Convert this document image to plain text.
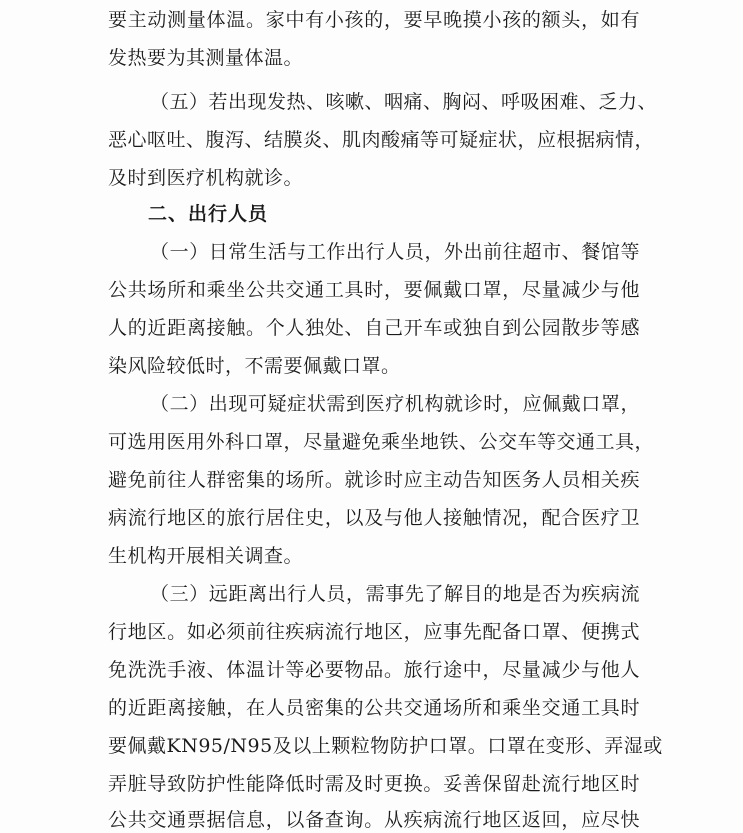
要主动测量体温。家中有小孩的，要早晚摸小孩的额头，如有
发热要为其测量体温。
（五）若出现发热、咳嗽、咽痛、胸闷、呼吸困难、乏力、
恶心呕吐、腹泻、结膜炎、肌肉酸痛等可疑症状，应根据病情，
及时到医疗机构就诊。
二、出行人员
（一）日常生活与工作出行人员，外出前往超市、餐馆等
公共场所和乘坐公共交通工具时，要佩戴口罩，尽量减少与他
人的近距离接触。个人独处、自己开车或独自到公园散步等感
染风险较低时，不需要佩戴口罩。
（二）出现可疑症状需到医疗机构就诊时，应佩戴口罩，
可选用医用外科口罩，尽量避免乘坐地铁、公交车等交通工具，
避免前往人群密集的场所。就诊时应主动告知医务人员相关疾
病流行地区的旅行居住史，以及与他人接触情况，配合医疗卫
生机构开展相关调查。
（三）远距离出行人员，需事先了解目的地是否为疾病流
行地区。如必须前往疾病流行地区，应事先配备口罩、便携式
免洗洗手液、体温计等必要物品。旅行途中，尽量减少与他人
的近距离接触，在人员密集的公共交通场所和乘坐交通工具时
要佩戴KN95/N95及以上颗粒物防护口罩。口罩在变形、弄湿或
弄脏导致防护性能降低时需及时更换。妥善保留赴流行地区时
公共交通票据信息，以备查询。从疾病流行地区返回，应尽快
